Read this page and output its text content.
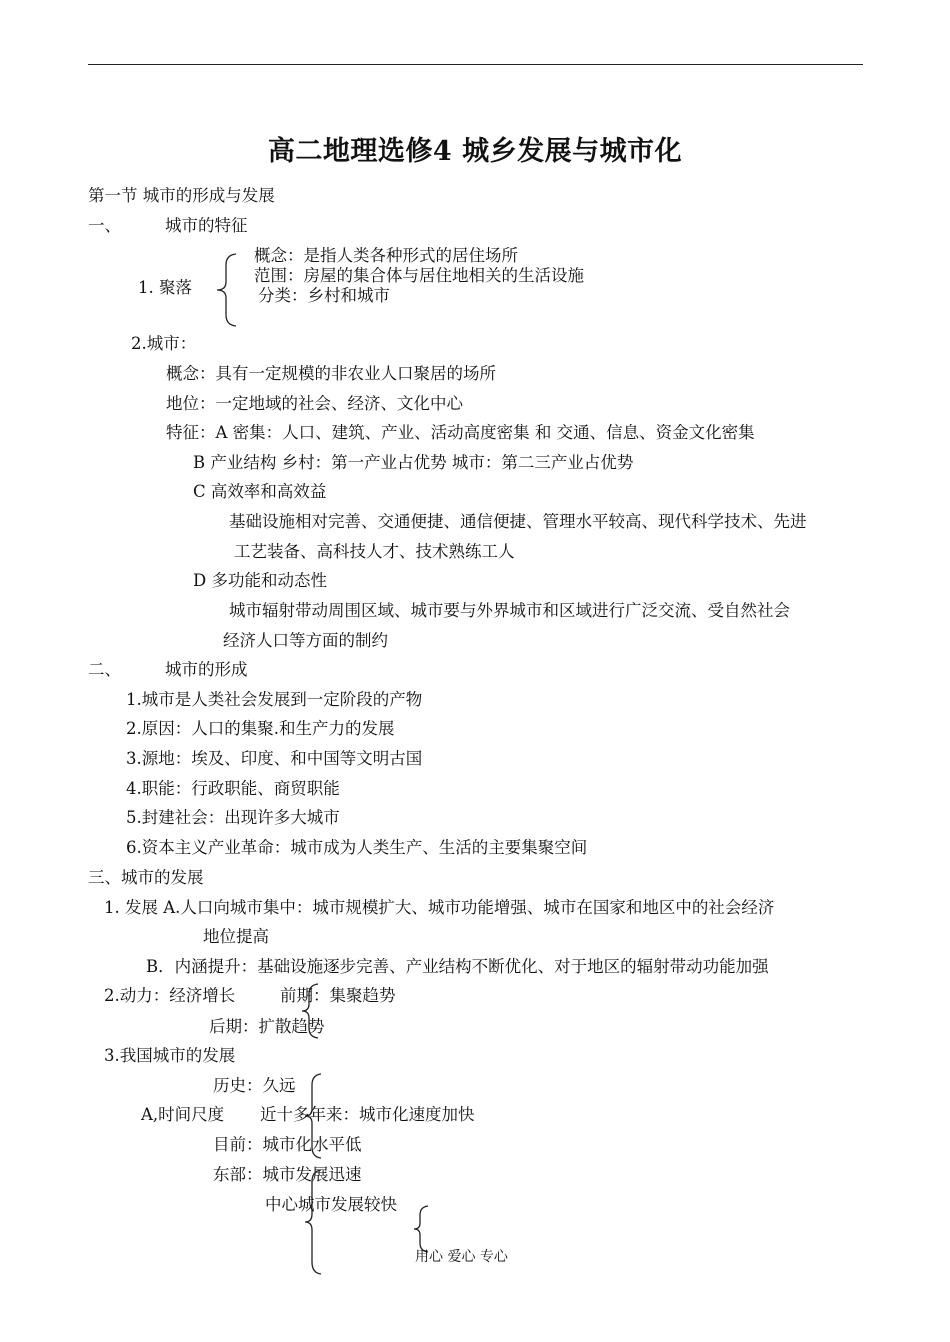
高二地理选修4 城乡发展与城市化
第一节 城市的形成与发展
一、	城市的特征
1. 聚落
概念：是指人类各种形式的居住场所
范围：房屋的集合体与居住地相关的生活设施
分类：乡村和城市
2.城市：
概念：具有一定规模的非农业人口聚居的场所
地位：一定地域的社会、经济、文化中心
特征：A 密集：人口、建筑、产业、活动高度密集 和 交通、信息、资金文化密集
B 产业结构 乡村：第一产业占优势 城市：第二三产业占优势
C 高效率和高效益
基础设施相对完善、交通便捷、通信便捷、管理水平较高、现代科学技术、先进
工艺装备、高科技人才、技术熟练工人
D 多功能和动态性
城市辐射带动周围区域、城市要与外界城市和区域进行广泛交流、受自然社会
经济人口等方面的制约
二、	城市的形成
1.城市是人类社会发展到一定阶段的产物
2.原因：人口的集聚.和生产力的发展
3.源地：埃及、印度、和中国等文明古国
4.职能：行政职能、商贸职能
5.封建社会：出现许多大城市
6.资本主义产业革命：城市成为人类生产、生活的主要集聚空间
三、城市的发展
1. 发展 A.人口向城市集中：城市规模扩大、城市功能增强、城市在国家和地区中的社会经济
地位提高
B．内涵提升：基础设施逐步完善、产业结构不断优化、对于地区的辐射带动功能加强
2.动力：经济增长	前期：集聚趋势
后期：扩散趋势
3.我国城市的发展
历史：久远
A,时间尺度 近十多年来：城市化速度加快
目前：城市化水平低
东部：城市发展迅速
中心城市发展较快
用心 爱心 专心
